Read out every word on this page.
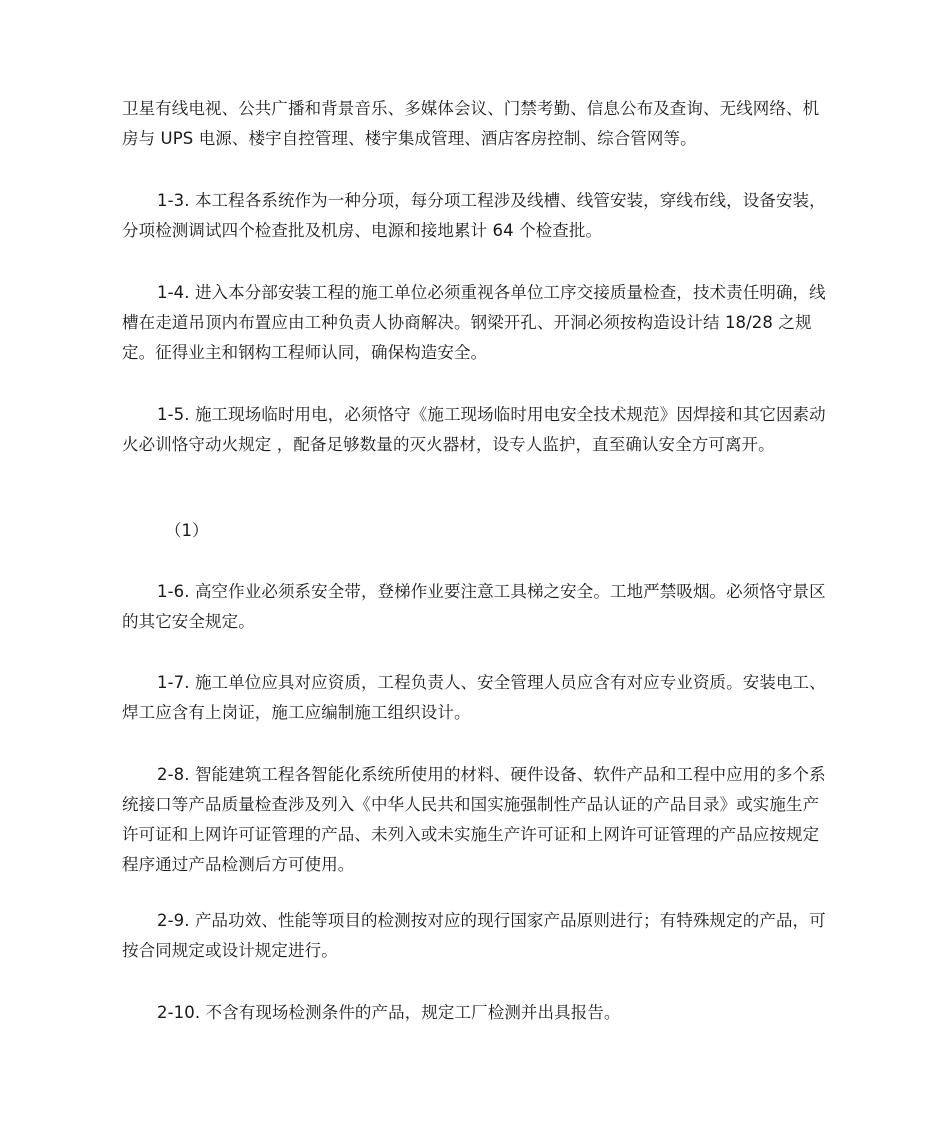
卫星有线电视、公共广播和背景音乐、多媒体会议、门禁考勤、信息公布及查询、无线网络、机房与 UPS 电源、楼宇自控管理、楼宇集成管理、酒店客房控制、综合管网等。

1-3. 本工程各系统作为一种分项，每分项工程涉及线槽、线管安装，穿线布线，设备安装，分项检测调试四个检查批及机房、电源和接地累计 64 个检查批。

1-4. 进入本分部安装工程的施工单位必须重视各单位工序交接质量检查，技术责任明确，线槽在走道吊顶内布置应由工种负责人协商解决。钢梁开孔、开洞必须按构造设计结 18/28 之规定。征得业主和钢构工程师认同，确保构造安全。

1-5. 施工现场临时用电，必须恪守《施工现场临时用电安全技术规范》因焊接和其它因素动火必训恪守动火规定 ，配备足够数量的灭火器材，设专人监护，直至确认安全方可离开。

（1）

1-6. 高空作业必须系安全带，登梯作业要注意工具梯之安全。工地严禁吸烟。必须恪守景区的其它安全规定。

1-7. 施工单位应具对应资质，工程负责人、安全管理人员应含有对应专业资质。安装电工、焊工应含有上岗证，施工应编制施工组织设计。

2-8. 智能建筑工程各智能化系统所使用的材料、硬件设备、软件产品和工程中应用的多个系统接口等产品质量检查涉及列入《中华人民共和国实施强制性产品认证的产品目录》或实施生产许可证和上网许可证管理的产品、未列入或未实施生产许可证和上网许可证管理的产品应按规定程序通过产品检测后方可使用。

2-9. 产品功效、性能等项目的检测按对应的现行国家产品原则进行；有特殊规定的产品，可按合同规定或设计规定进行。

2-10. 不含有现场检测条件的产品，规定工厂检测并出具报告。
